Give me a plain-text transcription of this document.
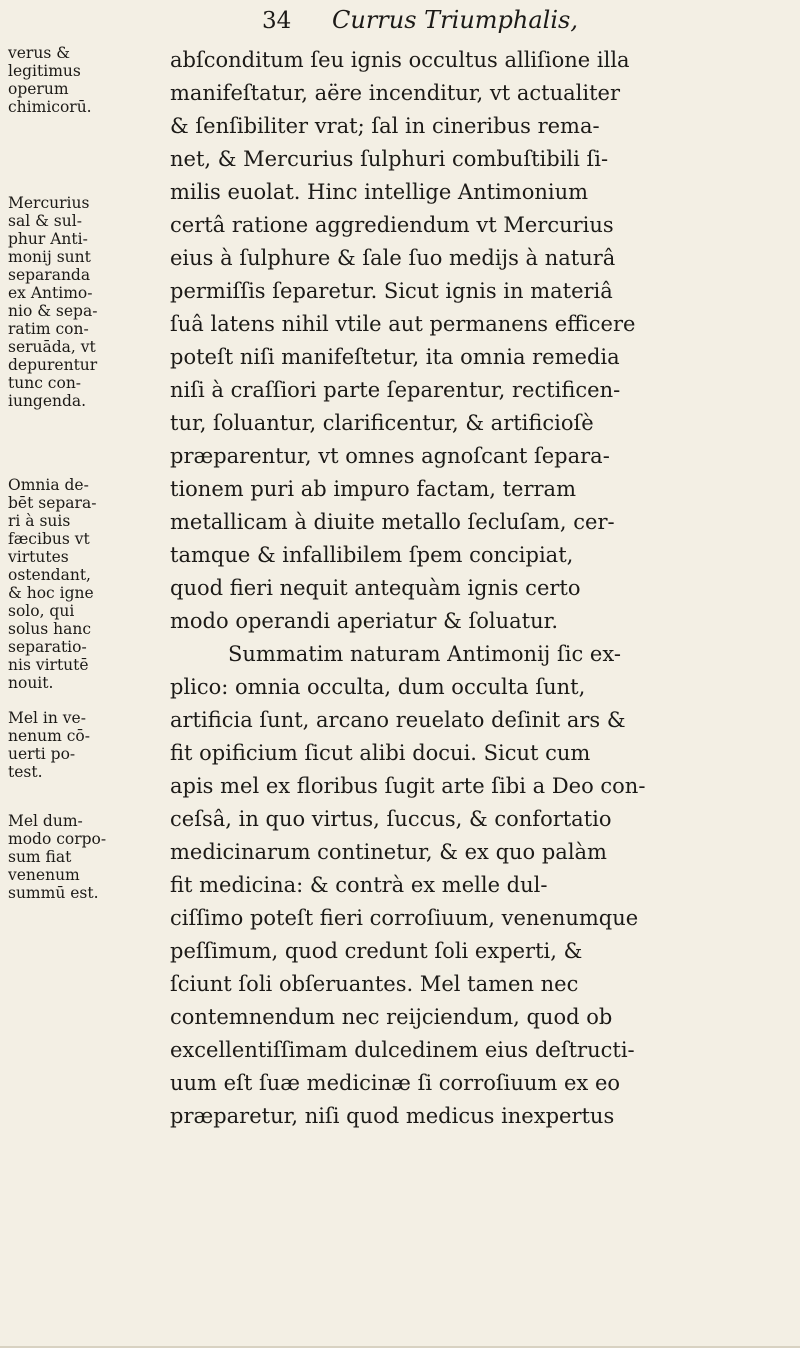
34	Currus Triumphalis,

verus &
legitimus
operum
chimicorū.

Mercurius
sal & sul-
phur Anti-
monij sunt
separanda
ex Antimo-
nio & sepa-
ratim con-
seruāda, vt
depurentur
tunc con-
iungenda.

Omnia de-
bēt separa-
ri à suis
fæcibus vt
virtutes
ostendant,
& hoc igne
solo, qui
solus hanc
separatio-
nis virtutē
nouit.

Mel in ve-
nenum cō-
uerti po-
test.

Mel dum-
modo corpo-
sum fiat
venenum
summū est.

abſconditum ſeu ignis occultus alliſione illa
manifeſtatur, aëre incenditur, vt actualiter
& ſenſibiliter vrat; ſal in cineribus rema-
net, & Mercurius ſulphuri combuſtibili ſi-
milis euolat. Hinc intellige Antimonium
certâ ratione aggrediendum vt Mercurius
eius à ſulphure & ſale ſuo medijs à naturâ
permiſſis ſeparetur. Sicut ignis in materiâ
ſuâ latens nihil vtile aut permanens efficere
poteſt niſi manifeſtetur, ita omnia remedia
niſi à craſſiori parte ſeparentur, rectificen-
tur, ſoluantur, clarificentur, & artificioſè
præparentur, vt omnes agnoſcant ſepara-
tionem puri ab impuro factam, terram
metallicam à diuite metallo ſecluſam, cer-
tamque & infallibilem ſpem concipiat,
quod fieri nequit antequàm ignis certo
modo operandi aperiatur & ſoluatur.
Summatim naturam Antimonij ſic ex-
plico: omnia occulta, dum occulta ſunt,
artificia ſunt, arcano reuelato deſinit ars &
fit opificium ſicut alibi docui. Sicut cum
apis mel ex floribus ſugit arte ſibi a Deo con-
ceſsâ, in quo virtus, ſuccus, & confortatio
medicinarum continetur, & ex quo palàm
fit medicina: & contrà ex melle dul-
ciſſimo poteſt fieri corroſiuum, venenumque
peſſimum, quod credunt ſoli experti, &
ſciunt ſoli obſeruantes. Mel tamen nec
contemnendum nec reijciendum, quod ob
excellentiſſimam dulcedinem eius deſtructi-
uum eſt ſuæ medicinæ ſi corroſiuum ex eo
præparetur, niſi quod medicus inexpertus
